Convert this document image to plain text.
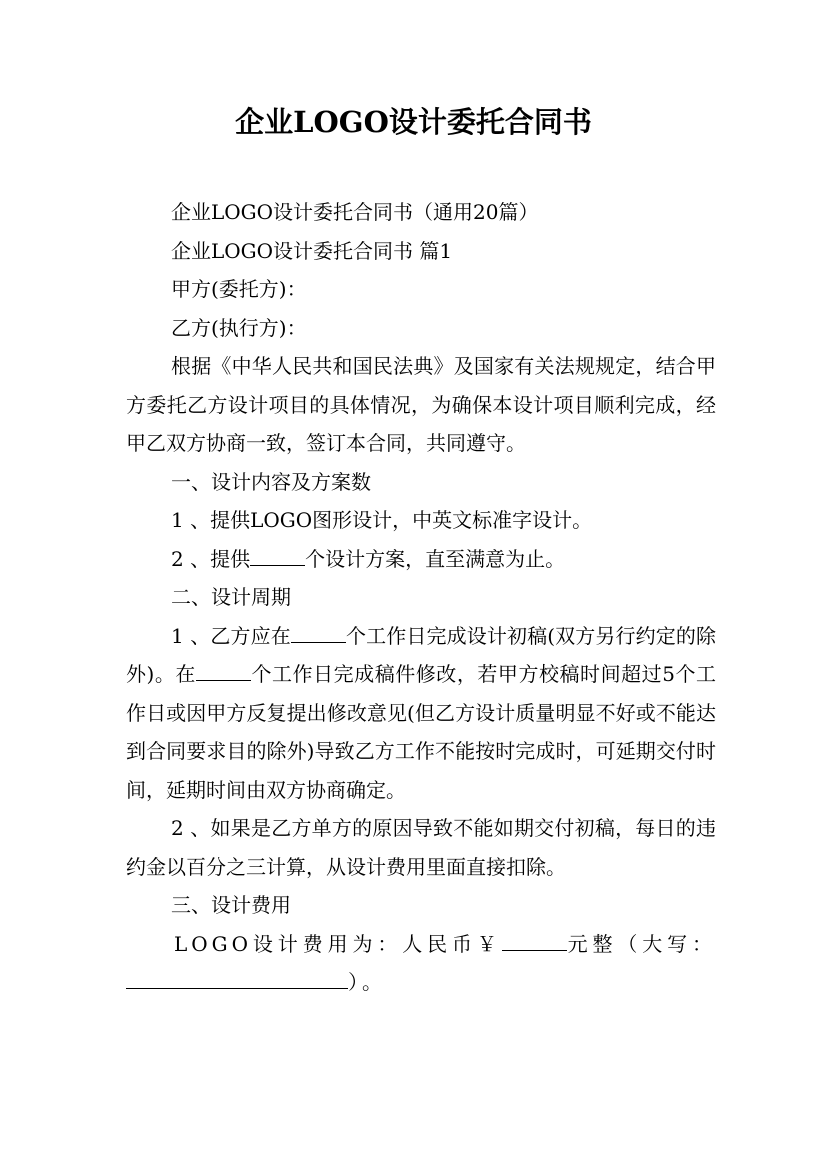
企业LOGO设计委托合同书

企业LOGO设计委托合同书（通用20篇）

企业LOGO设计委托合同书 篇1

甲方(委托方)：

乙方(执行方)：

根据《中华人民共和国民法典》及国家有关法规规定，结合甲方委托乙方设计项目的具体情况，为确保本设计项目顺利完成，经甲乙双方协商一致，签订本合同，共同遵守。

一、设计内容及方案数

1 、提供LOGO图形设计，中英文标准字设计。

2 、提供	个设计方案，直至满意为止。

二、设计周期

1 、乙方应在	个工作日完成设计初稿(双方另行约定的除外)。在	个工作日完成稿件修改，若甲方校稿时间超过5个工作日或因甲方反复提出修改意见(但乙方设计质量明显不好或不能达到合同要求目的除外)导致乙方工作不能按时完成时，可延期交付时间，延期时间由双方协商确定。

2 、如果是乙方单方的原因导致不能如期交付初稿，每日的违约金以百分之三计算，从设计费用里面直接扣除。

三、设计费用

LOGO设计费用为：人民币￥	元整（大写：）。
